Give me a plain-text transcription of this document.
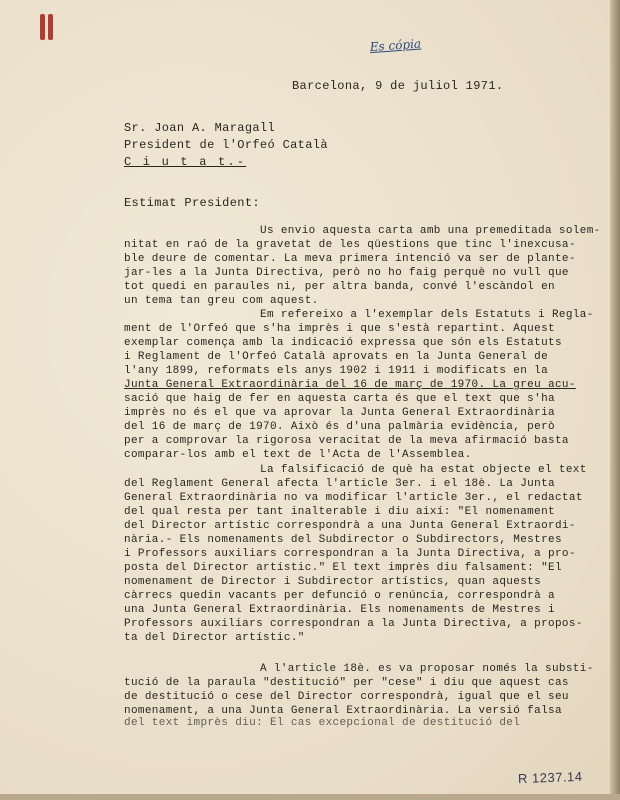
Es cópia
Barcelona, 9 de juliol 1971.
Sr. Joan A. Maragall
President de l'Orfeó Català
C i u t a t.-
Estimat President:
Us envio aquesta carta amb una premeditada solem-
nitat en raó de la gravetat de les qüestions que tinc l'inexcusa-
ble deure de comentar. La meva primera intenció va ser de plante-
jar-les a la Junta Directiva, però no ho faig perquè no vull que
tot quedi en paraules ni, per altra banda, convé l'escàndol en
un tema tan greu com aquest.
Em refereixo a l'exemplar dels Estatuts i Regla-
ment de l'Orfeó que s'ha imprès i que s'està repartint. Aquest
exemplar comença amb la indicació expressa que són els Estatuts
i Reglament de l'Orfeó Català aprovats en la Junta General de
l'any 1899, reformats els anys 1902 i 1911 i modificats en la
Junta General Extraordinària del 16 de març de 1970. La greu acu-
sació que haig de fer en aquesta carta és que el text que s'ha
imprès no és el que va aprovar la Junta General Extraordinària
del 16 de març de 1970. Això és d'una palmària evidència, però
per a comprovar la rigorosa veracitat de la meva afirmació basta
comparar-los amb el text de l'Acta de l'Assemblea.
La falsificació de què ha estat objecte el text
del Reglament General afecta l'article 3er. i el 18è. La Junta
General Extraordinària no va modificar l'article 3er., el redactat
del qual resta per tant inalterable i diu així: "El nomenament
del Director artístic correspondrà a una Junta General Extraordi-
nària.- Els nomenaments del Subdirector o Subdirectors, Mestres
i Professors auxiliars correspondran a la Junta Directiva, a pro-
posta del Director artístic." El text imprès diu falsament: "El
nomenament de Director i Subdirector artístics, quan aquests
càrrecs quedin vacants per defunció o renúncia, correspondrà a
una Junta General Extraordinària. Els nomenaments de Mestres i
Professors auxiliars correspondran a la Junta Directiva, a propos-
ta del Director artístic."
A l'article 18è. es va proposar només la substi-
tució de la paraula "destitució" per "cese" i diu que aquest cas
de destitució o cese del Director correspondrà, igual que el seu
nomenament, a una Junta General Extraordinària. La versió falsa
del text imprès diu: El cas excepcional de destitució del
R 1237.14
